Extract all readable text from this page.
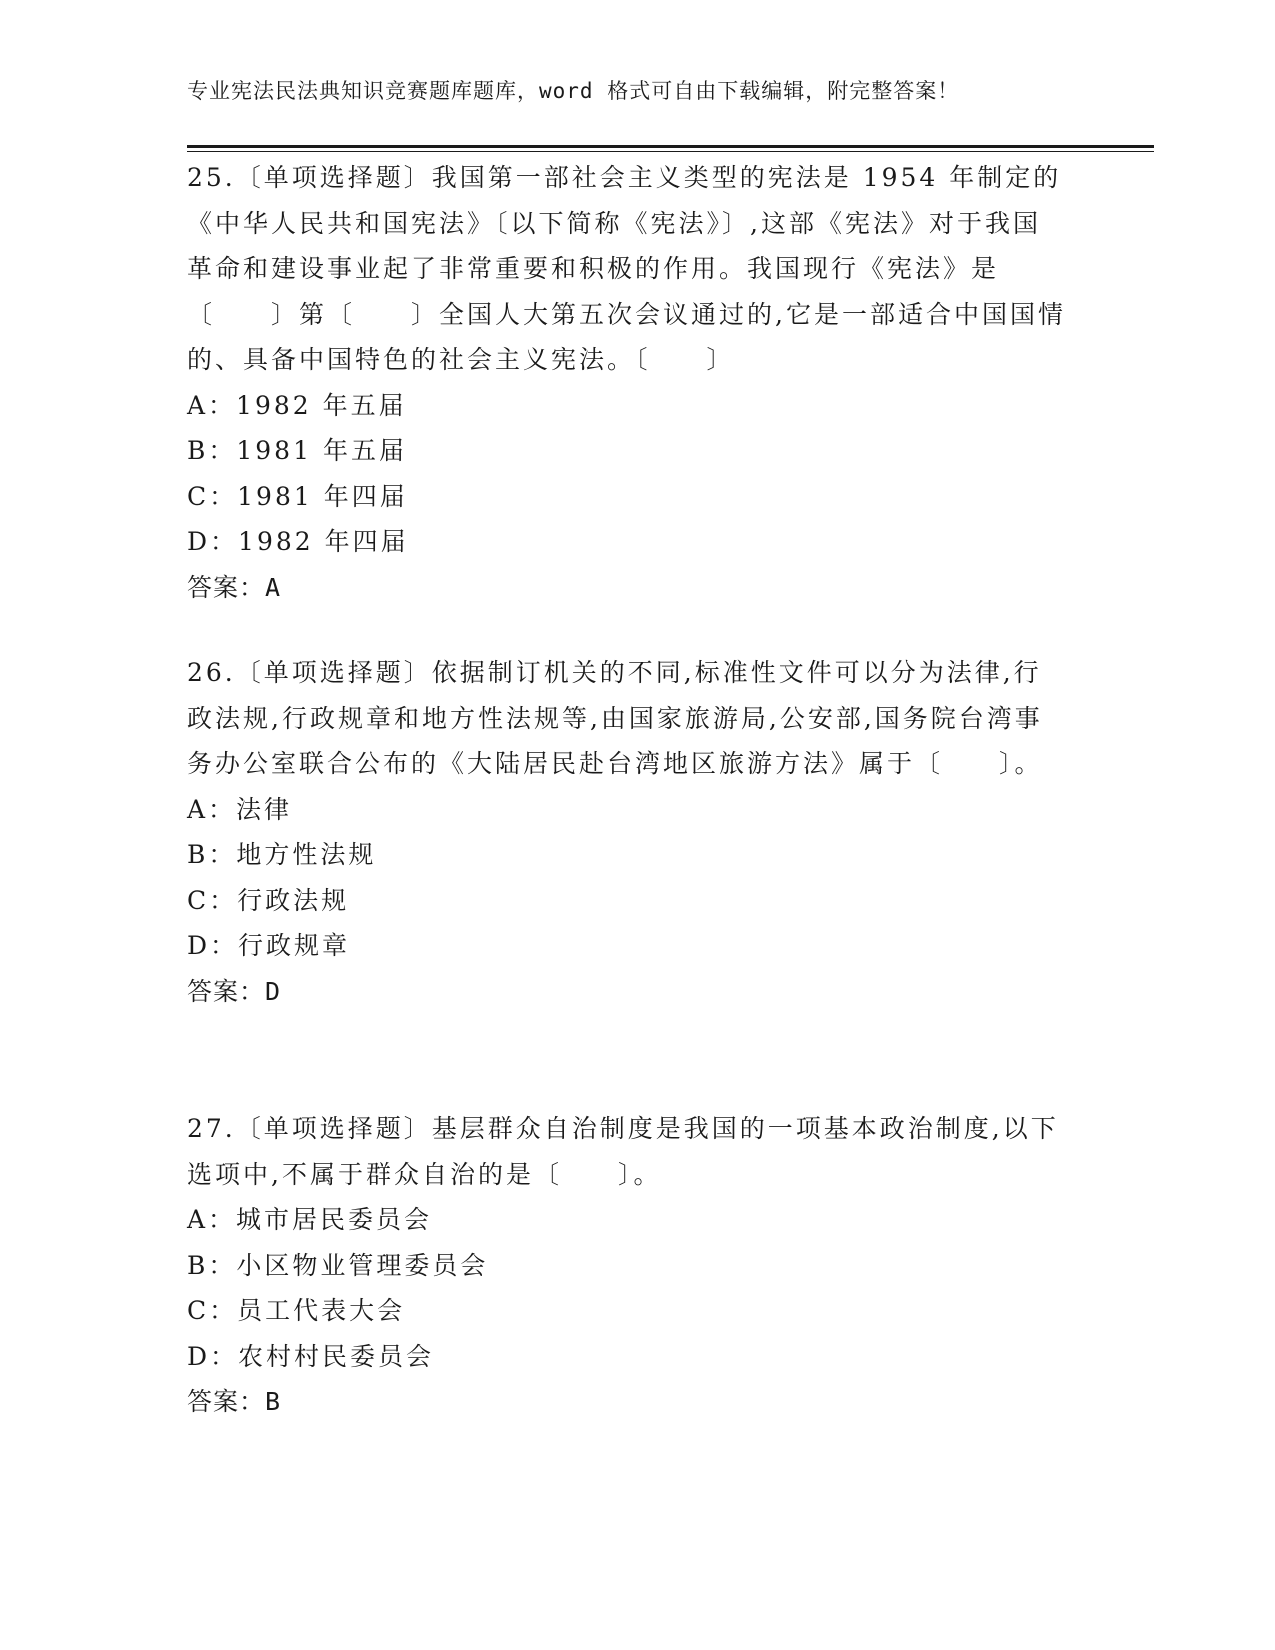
专业宪法民法典知识竞赛题库题库，word 格式可自由下载编辑，附完整答案！

25.〔单项选择题〕我国第一部社会主义类型的宪法是 1954 年制定的《中华人民共和国宪法》〔以下简称《宪法》〕,这部《宪法》对于我国革命和建设事业起了非常重要和积极的作用。我国现行《宪法》是〔　　〕第〔　　〕全国人大第五次会议通过的,它是一部适合中国国情的、具备中国特色的社会主义宪法。〔　　〕

A：1982 年五届

B：1981 年五届

C：1981 年四届

D：1982 年四届

答案：A

26.〔单项选择题〕依据制订机关的不同,标准性文件可以分为法律,行政法规,行政规章和地方性法规等,由国家旅游局,公安部,国务院台湾事务办公室联合公布的《大陆居民赴台湾地区旅游方法》属于〔　　〕。

A：法律

B：地方性法规

C：行政法规

D：行政规章

答案：D

27.〔单项选择题〕基层群众自治制度是我国的一项基本政治制度,以下选项中,不属于群众自治的是〔　　〕。

A：城市居民委员会

B：小区物业管理委员会

C：员工代表大会

D：农村村民委员会

答案：B
